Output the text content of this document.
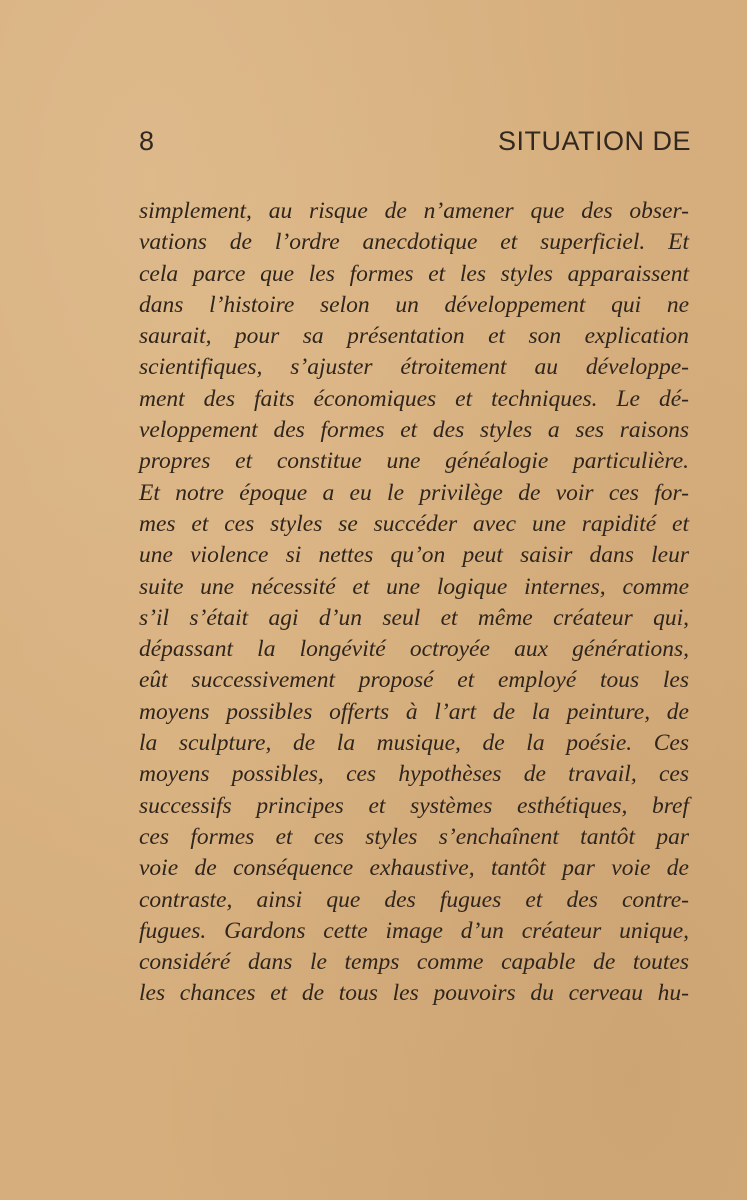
8	SITUATION DE
simplement, au risque de n’amener que des obser-
vations de l’ordre anecdotique et superficiel. Et
cela parce que les formes et les styles apparaissent
dans l’histoire selon un développement qui ne
saurait, pour sa présentation et son explication
scientifiques, s’ajuster étroitement au développe-
ment des faits économiques et techniques. Le dé-
veloppement des formes et des styles a ses raisons
propres et constitue une généalogie particulière.
Et notre époque a eu le privilège de voir ces for-
mes et ces styles se succéder avec une rapidité et
une violence si nettes qu’on peut saisir dans leur
suite une nécessité et une logique internes, comme
s’il s’était agi d’un seul et même créateur qui,
dépassant la longévité octroyée aux générations,
eût successivement proposé et employé tous les
moyens possibles offerts à l’art de la peinture, de
la sculpture, de la musique, de la poésie. Ces
moyens possibles, ces hypothèses de travail, ces
successifs principes et systèmes esthétiques, bref
ces formes et ces styles s’enchaînent tantôt par
voie de conséquence exhaustive, tantôt par voie de
contraste, ainsi que des fugues et des contre-
fugues. Gardons cette image d’un créateur unique,
considéré dans le temps comme capable de toutes
les chances et de tous les pouvoirs du cerveau hu-
